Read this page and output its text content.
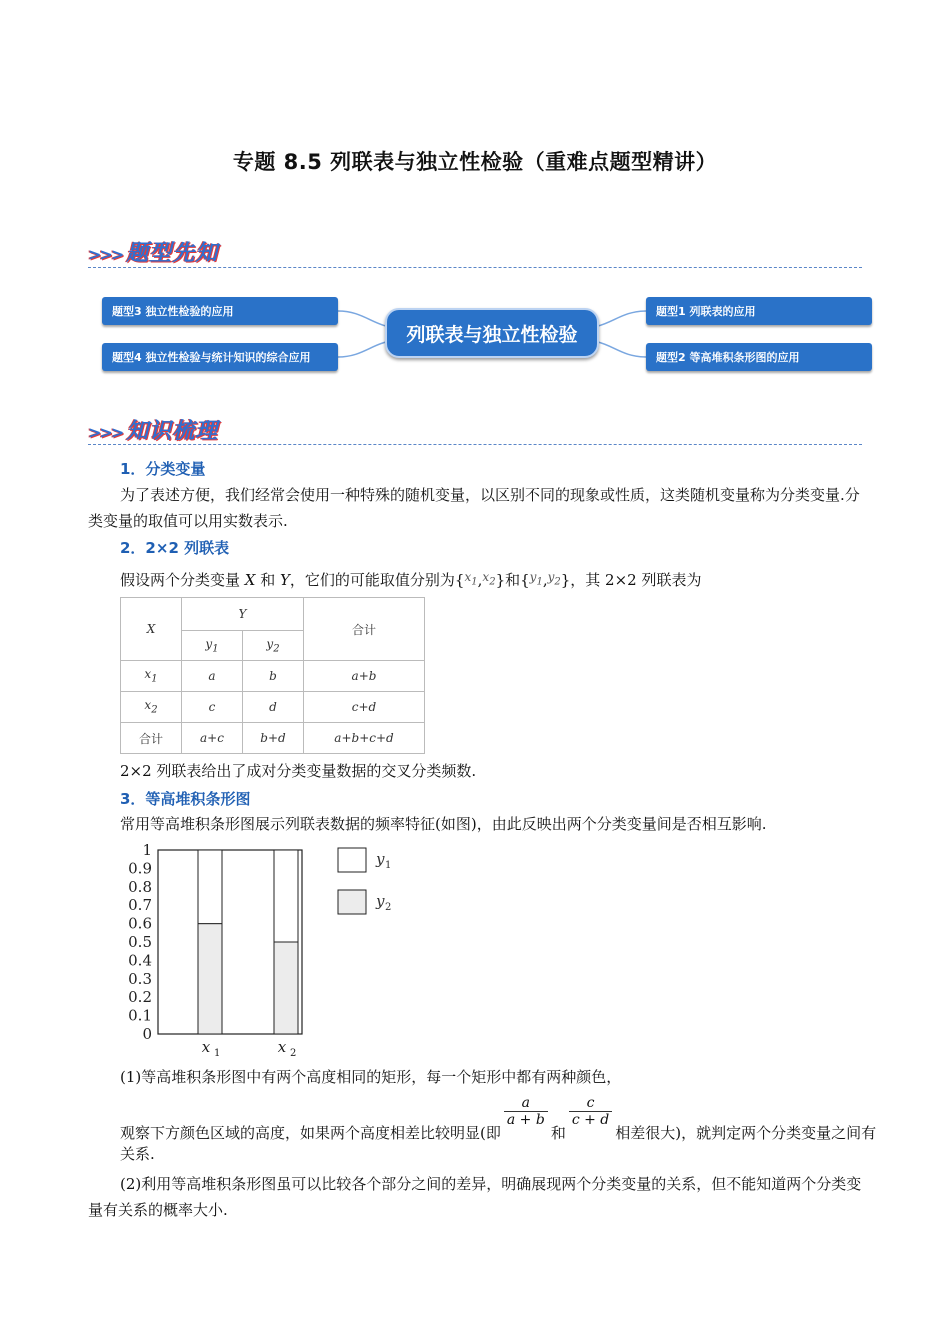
专题 8.5 列联表与独立性检验（重难点题型精讲）
>>> 题型先知
题型3 独立性检验的应用
题型4 独立性检验与统计知识的综合应用
题型1 列联表的应用
题型2 等高堆积条形图的应用
列联表与独立性检验
>>> 知识梳理
1．分类变量
为了表述方便，我们经常会使用一种特殊的随机变量，以区别不同的现象或性质，这类随机变量称为分类变量.分类变量的取值可以用实数表示.
2．2×2 列联表
假设两个分类变量 X 和 Y，它们的可能取值分别为{$^{x_1}$,$^{x_2}$}和{$^{y_1}$,$^{y_2}$}，其 2×2 列联表为
X	Y		合计
	$y_1$	$y_2$
$x_1$	a	b	a+b
$x_2$	c	d	c+d
合计	a+c	b+d	a+b+c+d
2×2 列联表给出了成对分类变量数据的交叉分类频数.
3．等高堆积条形图
常用等高堆积条形图展示列联表数据的频率特征(如图)，由此反映出两个分类变量间是否相互影响.
0
0.1
0.2
0.3
0.4
0.5
0.6
0.7
0.8
0.9
1
x 1	x 2
y 1
y 2
(1)等高堆积条形图中有两个高度相同的矩形，每一个矩形中都有两种颜色，
观察下方颜色区域的高度，如果两个高度相差比较明显(即
$\frac{a}{a + b}$
和
$\frac{c}{c + d}$
相差很大)，就判定两个分类变量之间有关系.
(2)利用等高堆积条形图虽可以比较各个部分之间的差异，明确展现两个分类变量的关系，但不能知道两个分类变量有关系的概率大小.
